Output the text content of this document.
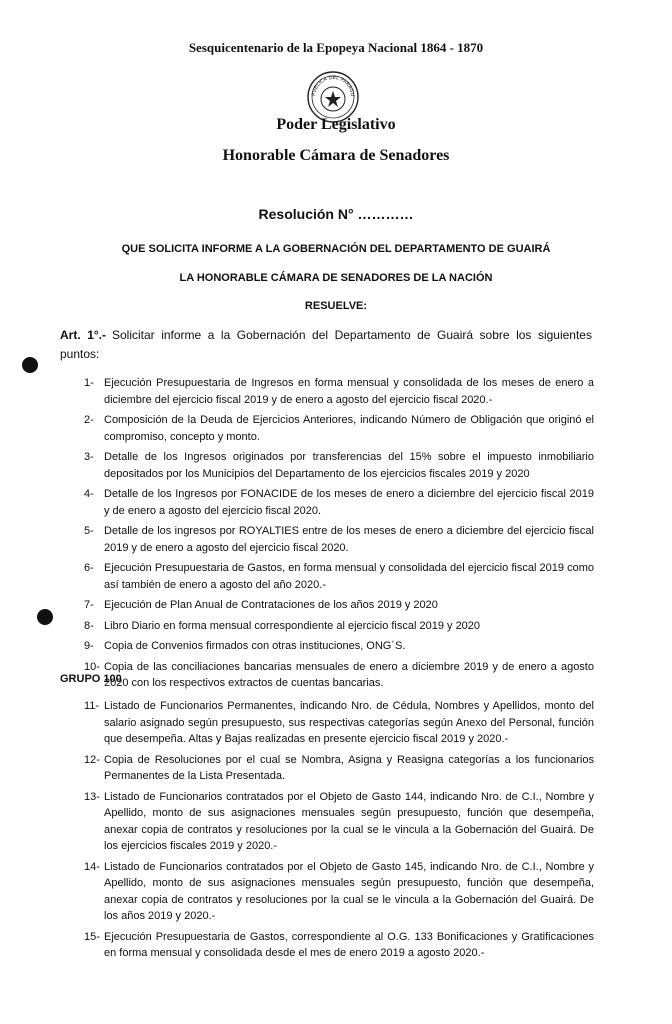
Sesquicentenario de la Epopeya Nacional 1864 - 1870
PÚBLICA DEL PARAGU
Poder Legislativo
Honorable Cámara de Senadores
Resolución N° …………
QUE SOLICITA INFORME A LA GOBERNACIÓN DEL DEPARTAMENTO DE GUAIRÁ
LA HONORABLE CÁMARA DE SENADORES DE LA NACIÓN
RESUELVE:
Art. 1°.- Solicitar informe a la Gobernación del Departamento de Guairá sobre los siguientes puntos:
1- Ejecución Presupuestaria de Ingresos en forma mensual y consolidada de los meses de enero a diciembre del ejercicio fiscal 2019 y de enero a agosto del ejercicio fiscal 2020.-
2- Composición de la Deuda de Ejercicios Anteriores, indicando Número de Obligación que originó el compromiso, concepto y monto.
3- Detalle de los Ingresos originados por transferencias del 15% sobre el impuesto inmobiliario depositados por los Municipios del Departamento de los ejercicios fiscales 2019 y 2020
4- Detalle de los Ingresos por FONACIDE de los meses de enero a diciembre del ejercicio fiscal 2019 y de enero a agosto del ejercicio fiscal 2020.
5- Detalle de los ingresos por ROYALTIES entre de los meses de enero a diciembre del ejercicio fiscal 2019 y de enero a agosto del ejercicio fiscal 2020.
6- Ejecución Presupuestaria de Gastos, en forma mensual y consolidada del ejercicio fiscal 2019 como así también de enero a agosto del año 2020.-
7- Ejecución de Plan Anual de Contrataciones de los años 2019 y 2020
8- Libro Diario en forma mensual correspondiente al ejercicio fiscal 2019 y 2020
9- Copia de Convenios firmados con otras instituciones, ONG´S.
10- Copia de las conciliaciones bancarias mensuales de enero a diciembre 2019 y de enero a agosto 2020 con los respectivos extractos de cuentas bancarias.
GRUPO 100
11- Listado de Funcionarios Permanentes, indicando Nro. de Cédula, Nombres y Apellidos, monto del salario asignado según presupuesto, sus respectivas categorías según Anexo del Personal, función que desempeña. Altas y Bajas realizadas en presente ejercicio fiscal 2019 y 2020.-
12- Copia de Resoluciones por el cual se Nombra, Asigna y Reasigna categorías a los funcionarios Permanentes de la Lista Presentada.
13- Listado de Funcionarios contratados por el Objeto de Gasto 144, indicando Nro. de C.I., Nombre y Apellido, monto de sus asignaciones mensuales según presupuesto, función que desempeña, anexar copia de contratos y resoluciones por la cual se le vincula a la Gobernación del Guairá. De los ejercicios fiscales 2019 y 2020.-
14- Listado de Funcionarios contratados por el Objeto de Gasto 145, indicando Nro. de C.I., Nombre y Apellido, monto de sus asignaciones mensuales según presupuesto, función que desempeña, anexar copia de contratos y resoluciones por la cual se le vincula a la Gobernación del Guairá. De los años 2019 y 2020.-
15- Ejecución Presupuestaria de Gastos, correspondiente al O.G. 133 Bonificaciones y Gratificaciones en forma mensual y consolidada desde el mes de enero 2019 a agosto 2020.-
